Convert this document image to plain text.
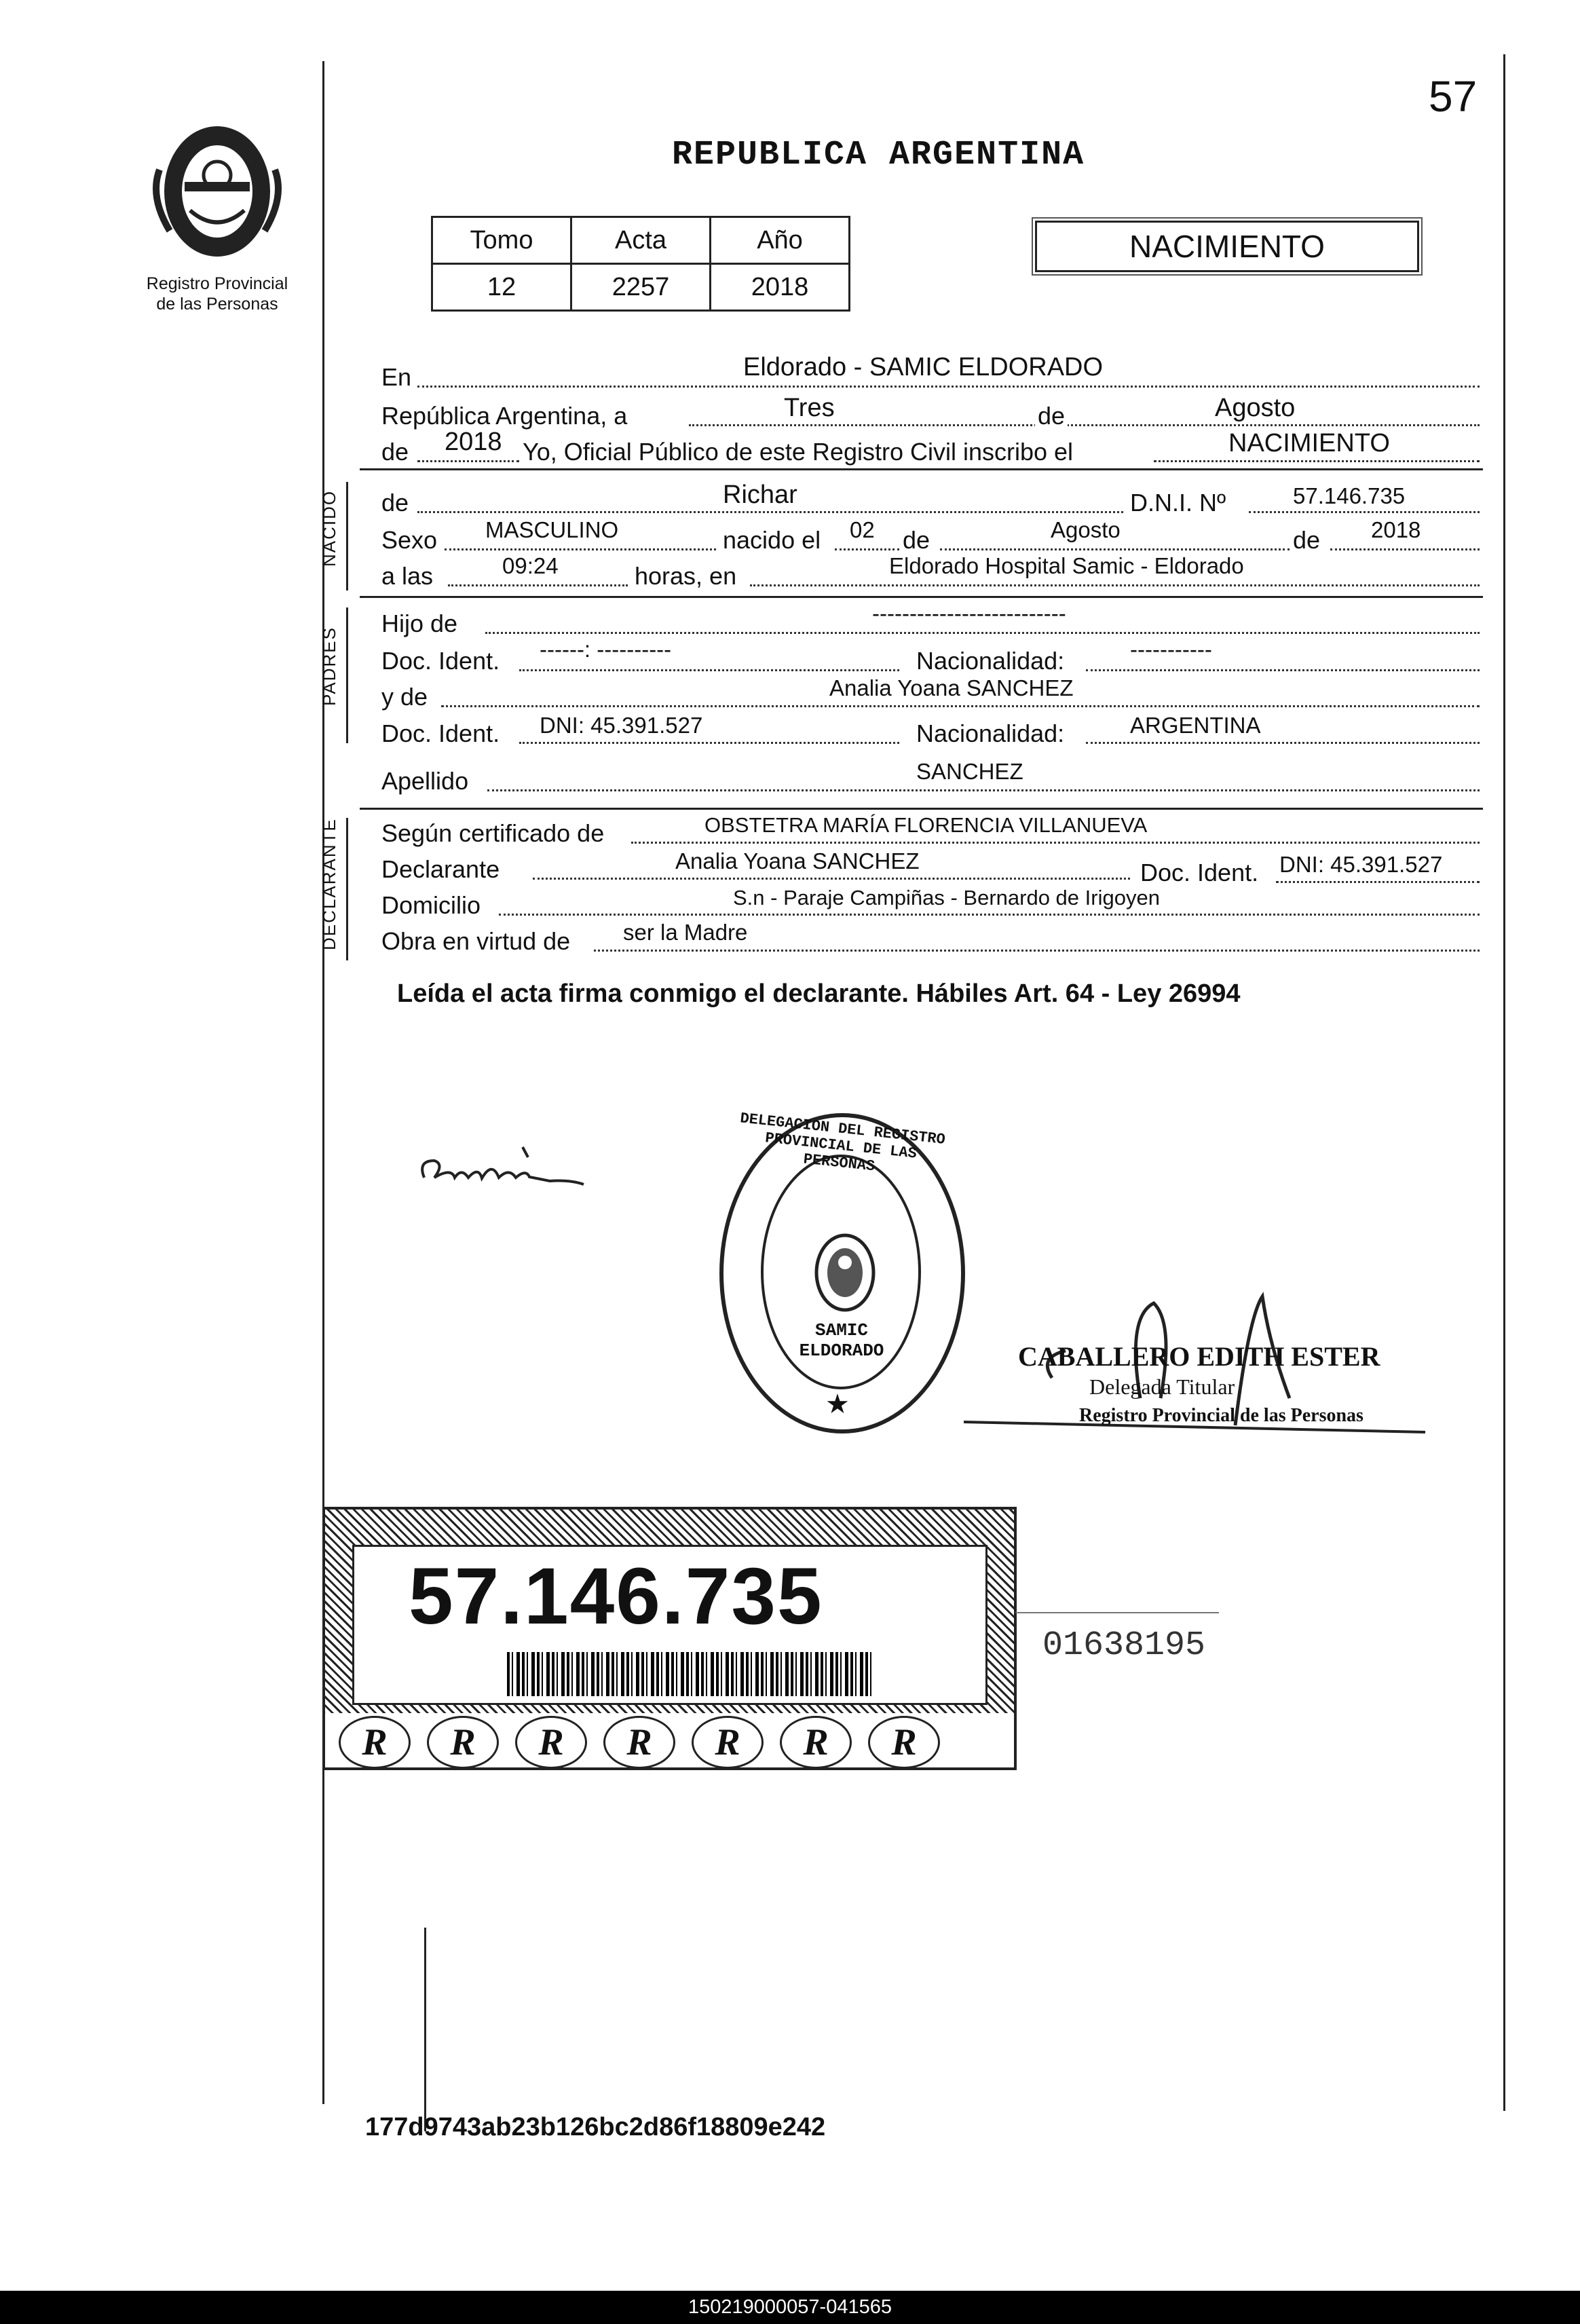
57
REPUBLICA ARGENTINA
Registro Provincial
de las Personas
Tomo	Acta	Año
12	2257	2018
NACIMIENTO
En	Eldorado - SAMIC ELDORADO
República Argentina, a	Tres	de	Agosto
de 2018 Yo, Oficial Público de este Registro Civil inscribo el	NACIMIENTO
NACIDO de	Richar	D.N.I. Nº	57.146.735
Sexo MASCULINO	nacido el 02 de	Agosto	de 2018
a las	09:24	horas, en	Eldorado Hospital Samic - Eldorado
PADRES
Hijo de	--------------------------
Doc. Ident. ------: ----------	Nacionalidad:	-----------
y de	Analia Yoana SANCHEZ
Doc. Ident. DNI: 45.391.527	Nacionalidad:	ARGENTINA
Apellido	SANCHEZ
DECLARANTE Según certificado de	OBSTETRA MARÍA FLORENCIA VILLANUEVA
Declarante	Analia Yoana SANCHEZ	Doc. Ident. DNI: 45.391.527
Domicilio	S.n - Paraje Campiñas - Bernardo de Irigoyen
Obra en virtud de ser la Madre
Leída el acta firma conmigo el declarante. Hábiles Art. 64 - Ley 26994
SAMIC ELDORADO
DELEGACION DEL REGISTRO PROVINCIAL DE LAS PERSONAS
★
CABALLERO EDITH ESTER
Delegada Titular
Registro Provincial de las Personas
57.146.735
R	R	R	R	R	R	R
01638195
177d9743ab23b126bc2d86f18809e242
150219000057-041565
